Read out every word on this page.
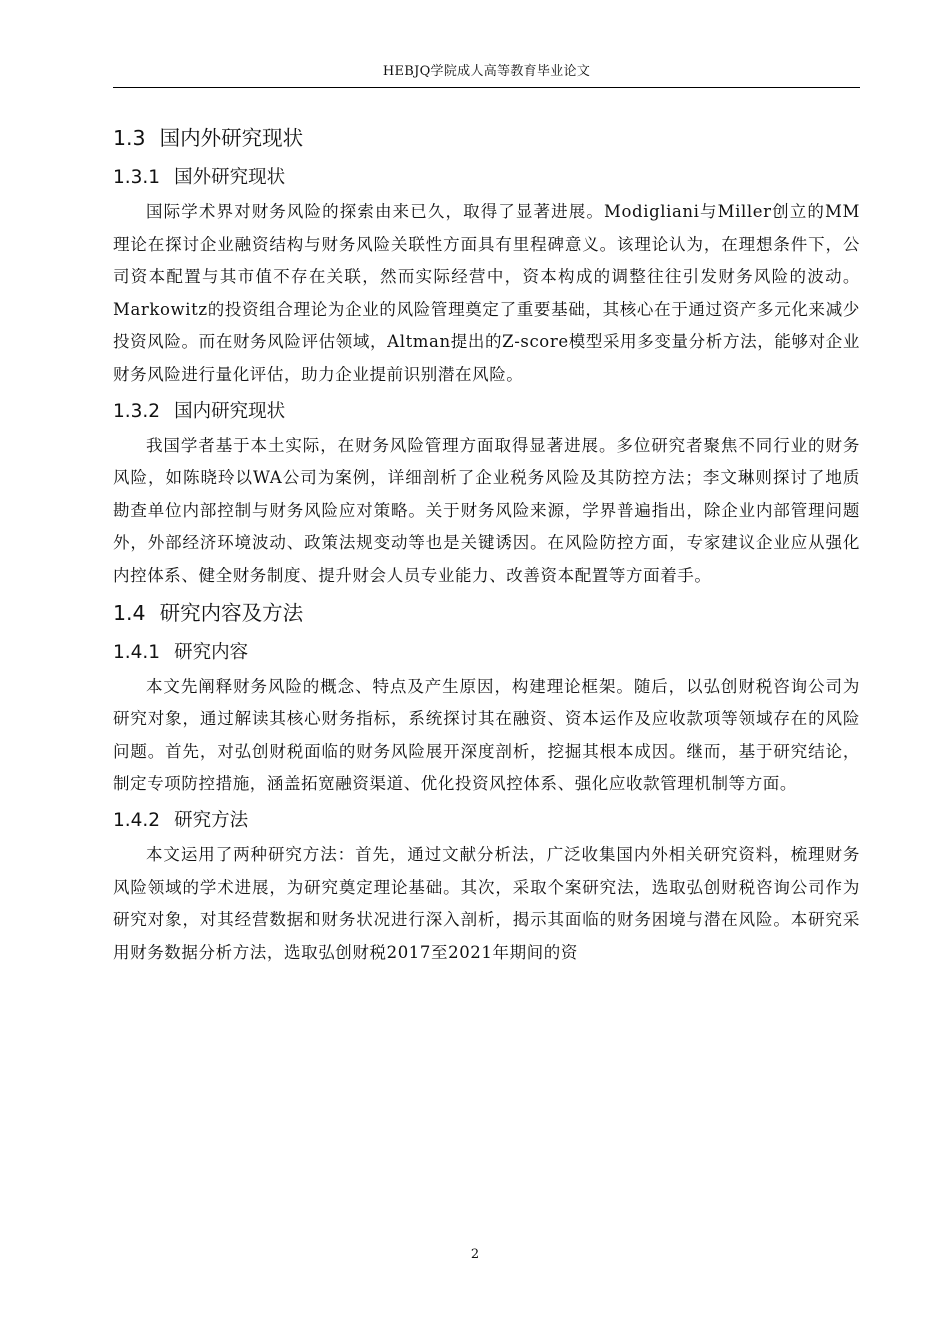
HEBJQ学院成人高等教育毕业论文
1.3 国内外研究现状
1.3.1 国外研究现状

国际学术界对财务风险的探索由来已久，取得了显著进展。Modigliani与Miller创立的MM理论在探讨企业融资结构与财务风险关联性方面具有里程碑意义。该理论认为，在理想条件下，公司资本配置与其市值不存在关联，然而实际经营中，资本构成的调整往往引发财务风险的波动。Markowitz的投资组合理论为企业的风险管理奠定了重要基础，其核心在于通过资产多元化来减少投资风险。而在财务风险评估领域，Altman提出的Z-score模型采用多变量分析方法，能够对企业财务风险进行量化评估，助力企业提前识别潜在风险。

1.3.2 国内研究现状

我国学者基于本土实际，在财务风险管理方面取得显著进展。多位研究者聚焦不同行业的财务风险，如陈晓玲以WA公司为案例，详细剖析了企业税务风险及其防控方法；李文琳则探讨了地质勘查单位内部控制与财务风险应对策略。关于财务风险来源，学界普遍指出，除企业内部管理问题外，外部经济环境波动、政策法规变动等也是关键诱因。在风险防控方面，专家建议企业应从强化内控体系、健全财务制度、提升财会人员专业能力、改善资本配置等方面着手。

1.4 研究内容及方法
1.4.1 研究内容

本文先阐释财务风险的概念、特点及产生原因，构建理论框架。随后，以弘创财税咨询公司为研究对象，通过解读其核心财务指标，系统探讨其在融资、资本运作及应收款项等领域存在的风险问题。首先，对弘创财税面临的财务风险展开深度剖析，挖掘其根本成因。继而，基于研究结论，制定专项防控措施，涵盖拓宽融资渠道、优化投资风控体系、强化应收款管理机制等方面。

1.4.2 研究方法

本文运用了两种研究方法：首先，通过文献分析法，广泛收集国内外相关研究资料，梳理财务风险领域的学术进展，为研究奠定理论基础。其次，采取个案研究法，选取弘创财税咨询公司作为研究对象，对其经营数据和财务状况进行深入剖析，揭示其面临的财务困境与潜在风险。本研究采用财务数据分析方法，选取弘创财税2017至2021年期间的资

2
